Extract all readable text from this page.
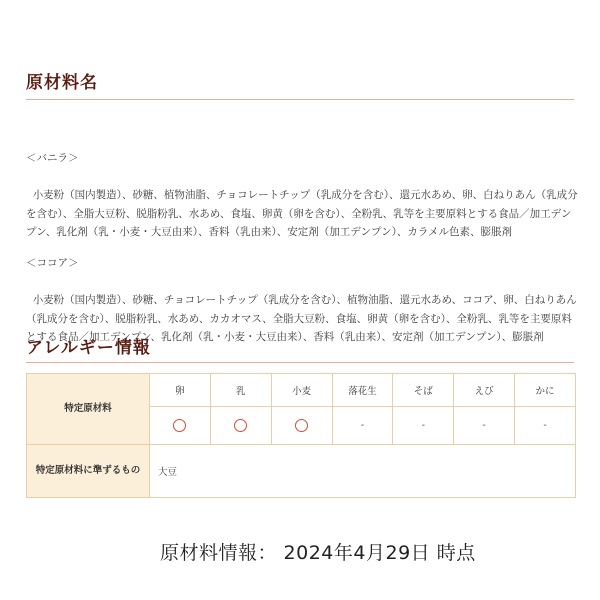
原材料名

＜バニラ＞

小麦粉（国内製造）、砂糖、植物油脂、チョコレートチップ（乳成分を含む）、還元水あめ、卵、白ねりあん（乳成分を含む）、全脂大豆粉、脱脂粉乳、水あめ、食塩、卵黄（卵を含む）、全粉乳、乳等を主要原料とする食品／加工デンプン、乳化剤（乳・小麦・大豆由来）、香料（乳由来）、安定剤（加工デンプン）、カラメル色素、膨脹剤

＜ココア＞

小麦粉（国内製造）、砂糖、チョコレートチップ（乳成分を含む）、植物油脂、還元水あめ、ココア、卵、白ねりあん（乳成分を含む）、脱脂粉乳、水あめ、カカオマス、全脂大豆粉、食塩、卵黄（卵を含む）、全粉乳、乳等を主要原料とする食品／加工デンプン、乳化剤（乳・小麦・大豆由来）、香料（乳由来）、安定剤（加工デンプン）、膨脹剤

アレルギー情報
特定原材料	卵	乳	小麦	落花生	そば	えび	かに
				-	-	-	-
特定原材料に準ずるもの	大豆						
原材料情報： 2024年4月29日 時点
